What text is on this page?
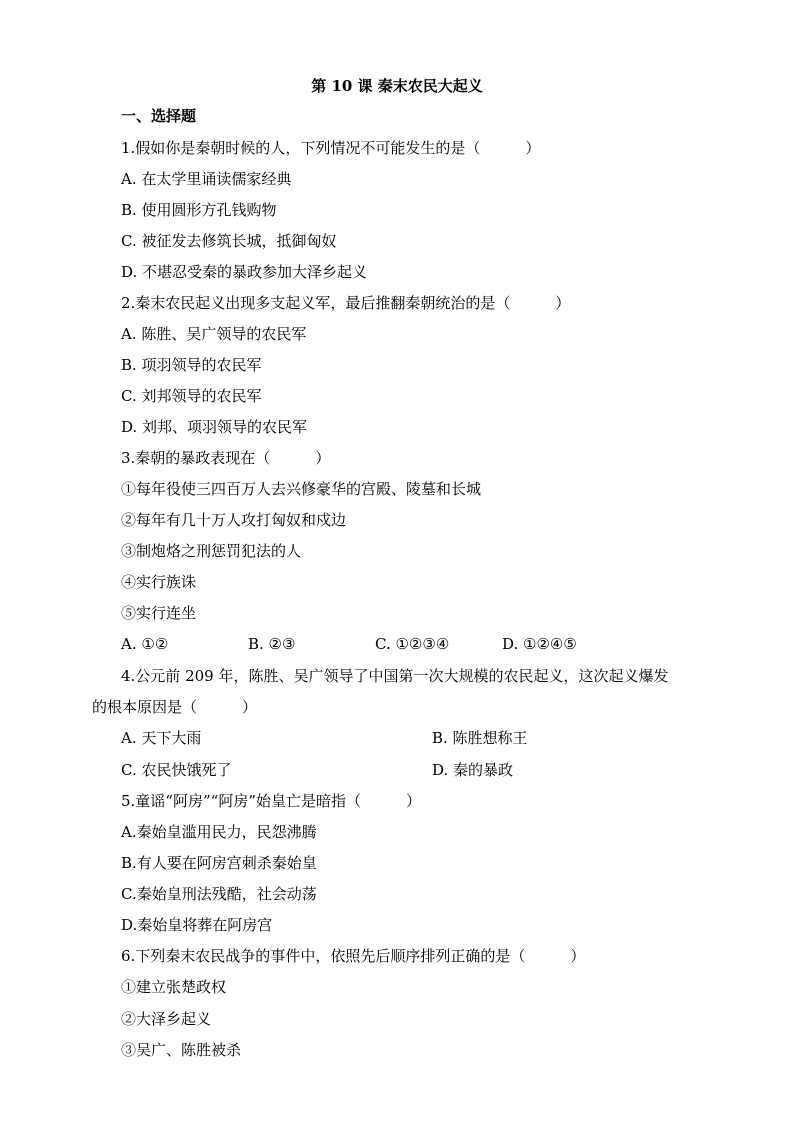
第 10 课 秦末农民大起义
一、选择题
1.假如你是秦朝时候的人，下列情况不可能发生的是（　　　）
A. 在太学里诵读儒家经典
B. 使用圆形方孔钱购物
C. 被征发去修筑长城，抵御匈奴
D. 不堪忍受秦的暴政参加大泽乡起义
2.秦末农民起义出现多支起义军，最后推翻秦朝统治的是（　　　）
A. 陈胜、吴广领导的农民军
B. 项羽领导的农民军
C. 刘邦领导的农民军
D. 刘邦、项羽领导的农民军
3.秦朝的暴政表现在（　　　）
①每年役使三四百万人去兴修豪华的宫殿、陵墓和长城
②每年有几十万人攻打匈奴和戍边
③制炮烙之刑惩罚犯法的人
④实行族诛
⑤实行连坐
A. ①②	B. ②③	C. ①②③④	D. ①②④⑤
4.公元前 209 年，陈胜、吴广领导了中国第一次大规模的农民起义，这次起义爆发
的根本原因是（　　　）
A. 天下大雨	B. 陈胜想称王
C. 农民快饿死了	D. 秦的暴政
5.童谣“阿房”“阿房”始皇亡是暗指（　　　）
A.秦始皇滥用民力，民怨沸腾
B.有人要在阿房宫刺杀秦始皇
C.秦始皇刑法残酷，社会动荡
D.秦始皇将葬在阿房宫
6.下列秦末农民战争的事件中，依照先后顺序排列正确的是（　　　）
①建立张楚政权
②大泽乡起义
③吴广、陈胜被杀
